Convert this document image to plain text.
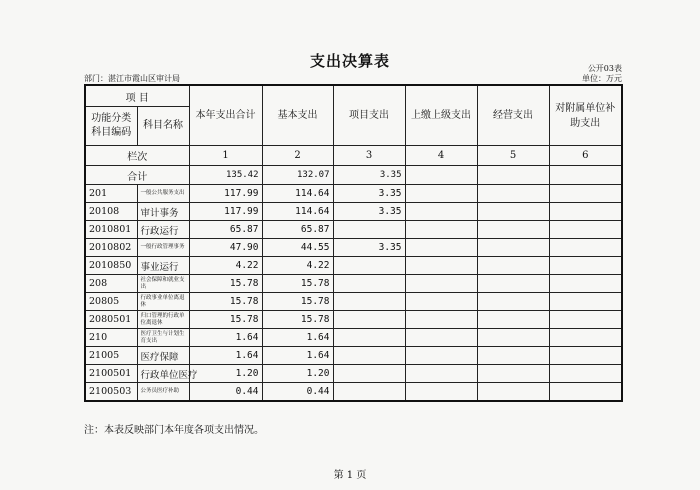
支出决算表	公开03表
部门：湛江市霞山区审计局	单位：万元
项 目		本年支出合计	基本支出	项目支出	上缴上级支出	经营支出	对附属单位补助支出
功能分类科目编码	科目名称						
栏次		1	2	3	4	5	6
合计		135.42	132.07	3.35			
201	一般公共服务支出	117.99	114.64	3.35			
20108	审计事务	117.99	114.64	3.35			
2010801	行政运行	65.87	65.87				
2010802	一般行政管理事务	47.90	44.55	3.35			
2010850	事业运行	4.22	4.22				
208	社会保障和就业支出	15.78	15.78				
20805	行政事业单位离退休	15.78	15.78				
2080501	归口管理的行政单位离退休	15.78	15.78				
210	医疗卫生与计划生育支出	1.64	1.64				
21005	医疗保障	1.64	1.64				
2100501	行政单位医疗	1.20	1.20				
2100503	公务员医疗补助	0.44	0.44				
注：本表反映部门本年度各项支出情况。
第 1 页
